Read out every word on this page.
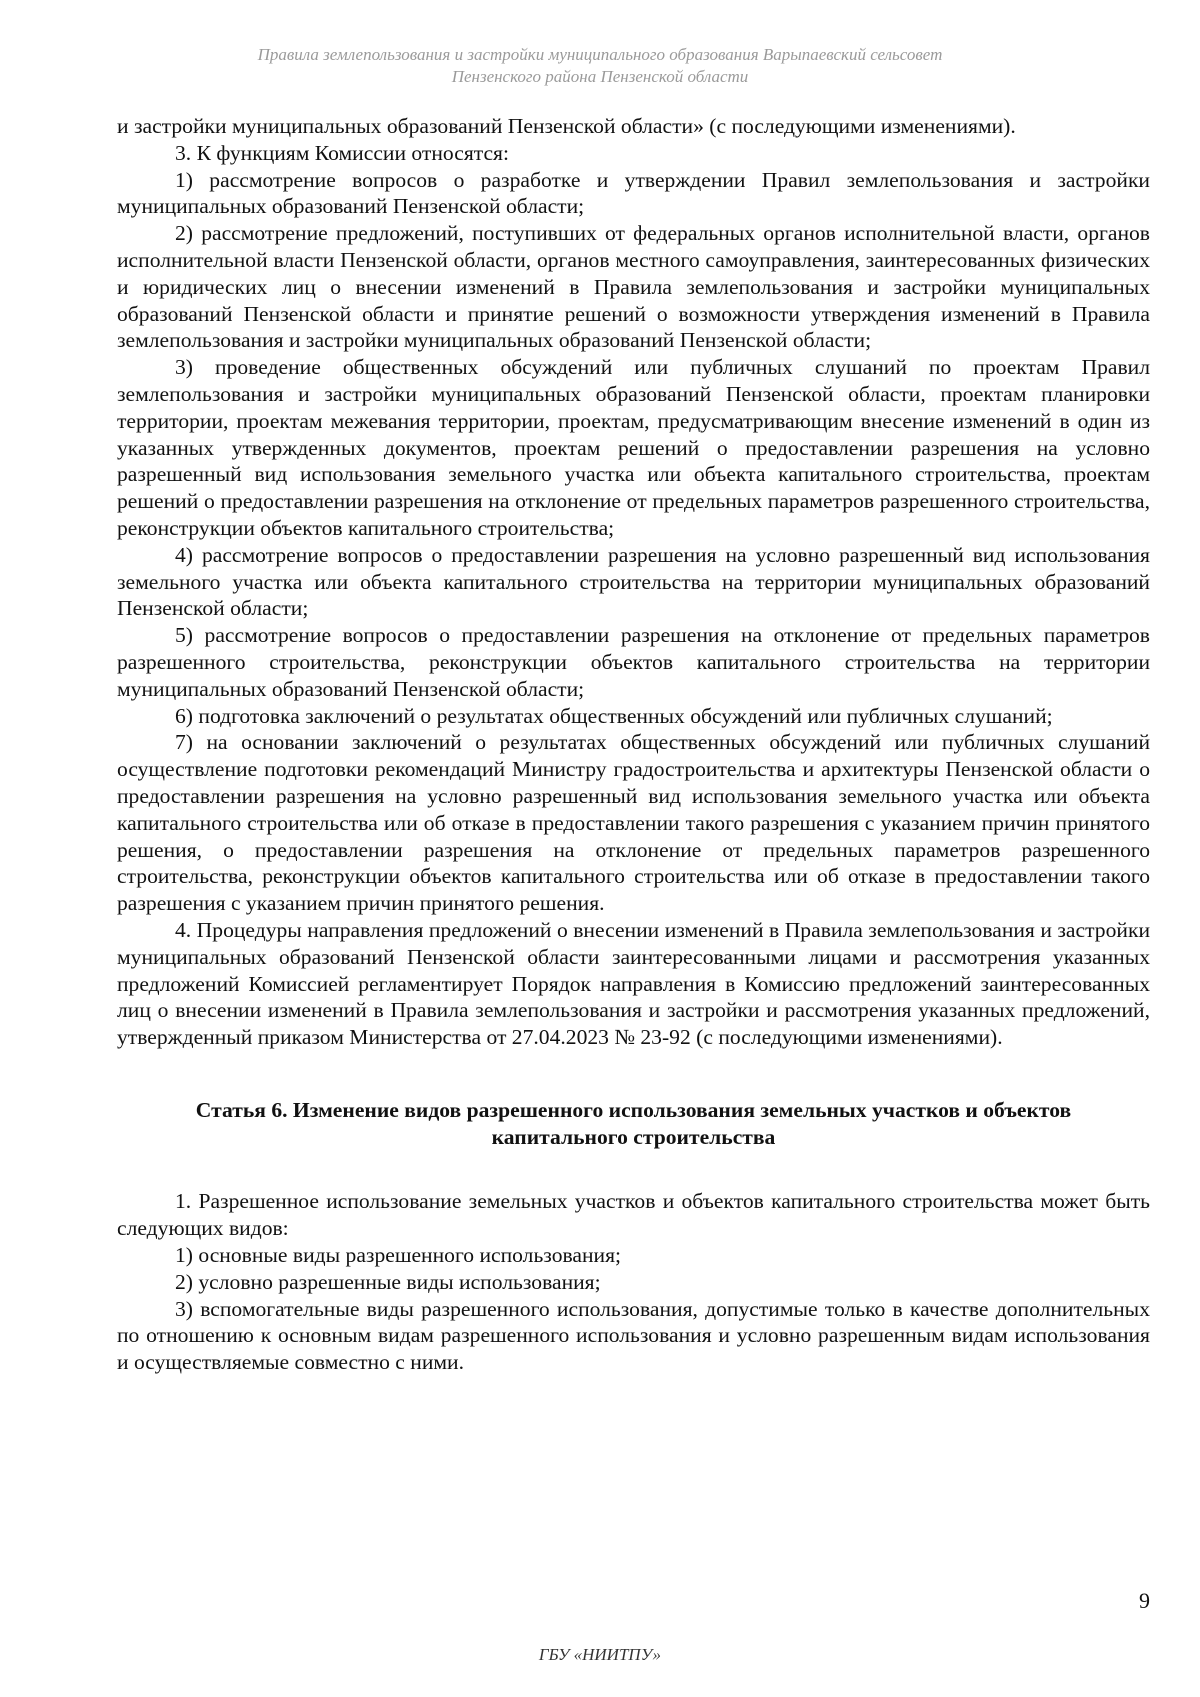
Правила землепользования и застройки муниципального образования Варыпаевский сельсовет
Пензенского района Пензенской области

и застройки муниципальных образований Пензенской области» (с последующими изменениями).

3. К функциям Комиссии относятся:

1) рассмотрение вопросов о разработке и утверждении Правил землепользования и застройки муниципальных образований Пензенской области;

2) рассмотрение предложений, поступивших от федеральных органов исполнительной власти, органов исполнительной власти Пензенской области, органов местного самоуправления, заинтересованных физических и юридических лиц о внесении изменений в Правила землепользования и застройки муниципальных образований Пензенской области и принятие решений о возможности утверждения изменений в Правила землепользования и застройки муниципальных образований Пензенской области;

3) проведение общественных обсуждений или публичных слушаний по проектам Правил землепользования и застройки муниципальных образований Пензенской области, проектам планировки территории, проектам межевания территории, проектам, предусматривающим внесение изменений в один из указанных утвержденных документов, проектам решений о предоставлении разрешения на условно разрешенный вид использования земельного участка или объекта капитального строительства, проектам решений о предоставлении разрешения на отклонение от предельных параметров разрешенного строительства, реконструкции объектов капитального строительства;

4) рассмотрение вопросов о предоставлении разрешения на условно разрешенный вид использования земельного участка или объекта капитального строительства на территории муниципальных образований Пензенской области;

5) рассмотрение вопросов о предоставлении разрешения на отклонение от предельных параметров разрешенного строительства, реконструкции объектов капитального строительства на территории муниципальных образований Пензенской области;

6) подготовка заключений о результатах общественных обсуждений или публичных слушаний;

7) на основании заключений о результатах общественных обсуждений или публичных слушаний осуществление подготовки рекомендаций Министру градостроительства и архитектуры Пензенской области о предоставлении разрешения на условно разрешенный вид использования земельного участка или объекта капитального строительства или об отказе в предоставлении такого разрешения с указанием причин принятого решения, о предоставлении разрешения на отклонение от предельных параметров разрешенного строительства, реконструкции объектов капитального строительства или об отказе в предоставлении такого разрешения с указанием причин принятого решения.

4. Процедуры направления предложений о внесении изменений в Правила землепользования и застройки муниципальных образований Пензенской области заинтересованными лицами и рассмотрения указанных предложений Комиссией регламентирует Порядок направления в Комиссию предложений заинтересованных лиц о внесении изменений в Правила землепользования и застройки и рассмотрения указанных предложений, утвержденный приказом Министерства от 27.04.2023 № 23-92 (с последующими изменениями).

Статья 6. Изменение видов разрешенного использования земельных участков и объектов
капитального строительства

1. Разрешенное использование земельных участков и объектов капитального строительства может быть следующих видов:

1) основные виды разрешенного использования;

2) условно разрешенные виды использования;

3) вспомогательные виды разрешенного использования, допустимые только в качестве дополнительных по отношению к основным видам разрешенного использования и условно разрешенным видам использования и осуществляемые совместно с ними.

9
ГБУ «НИИТПУ»
